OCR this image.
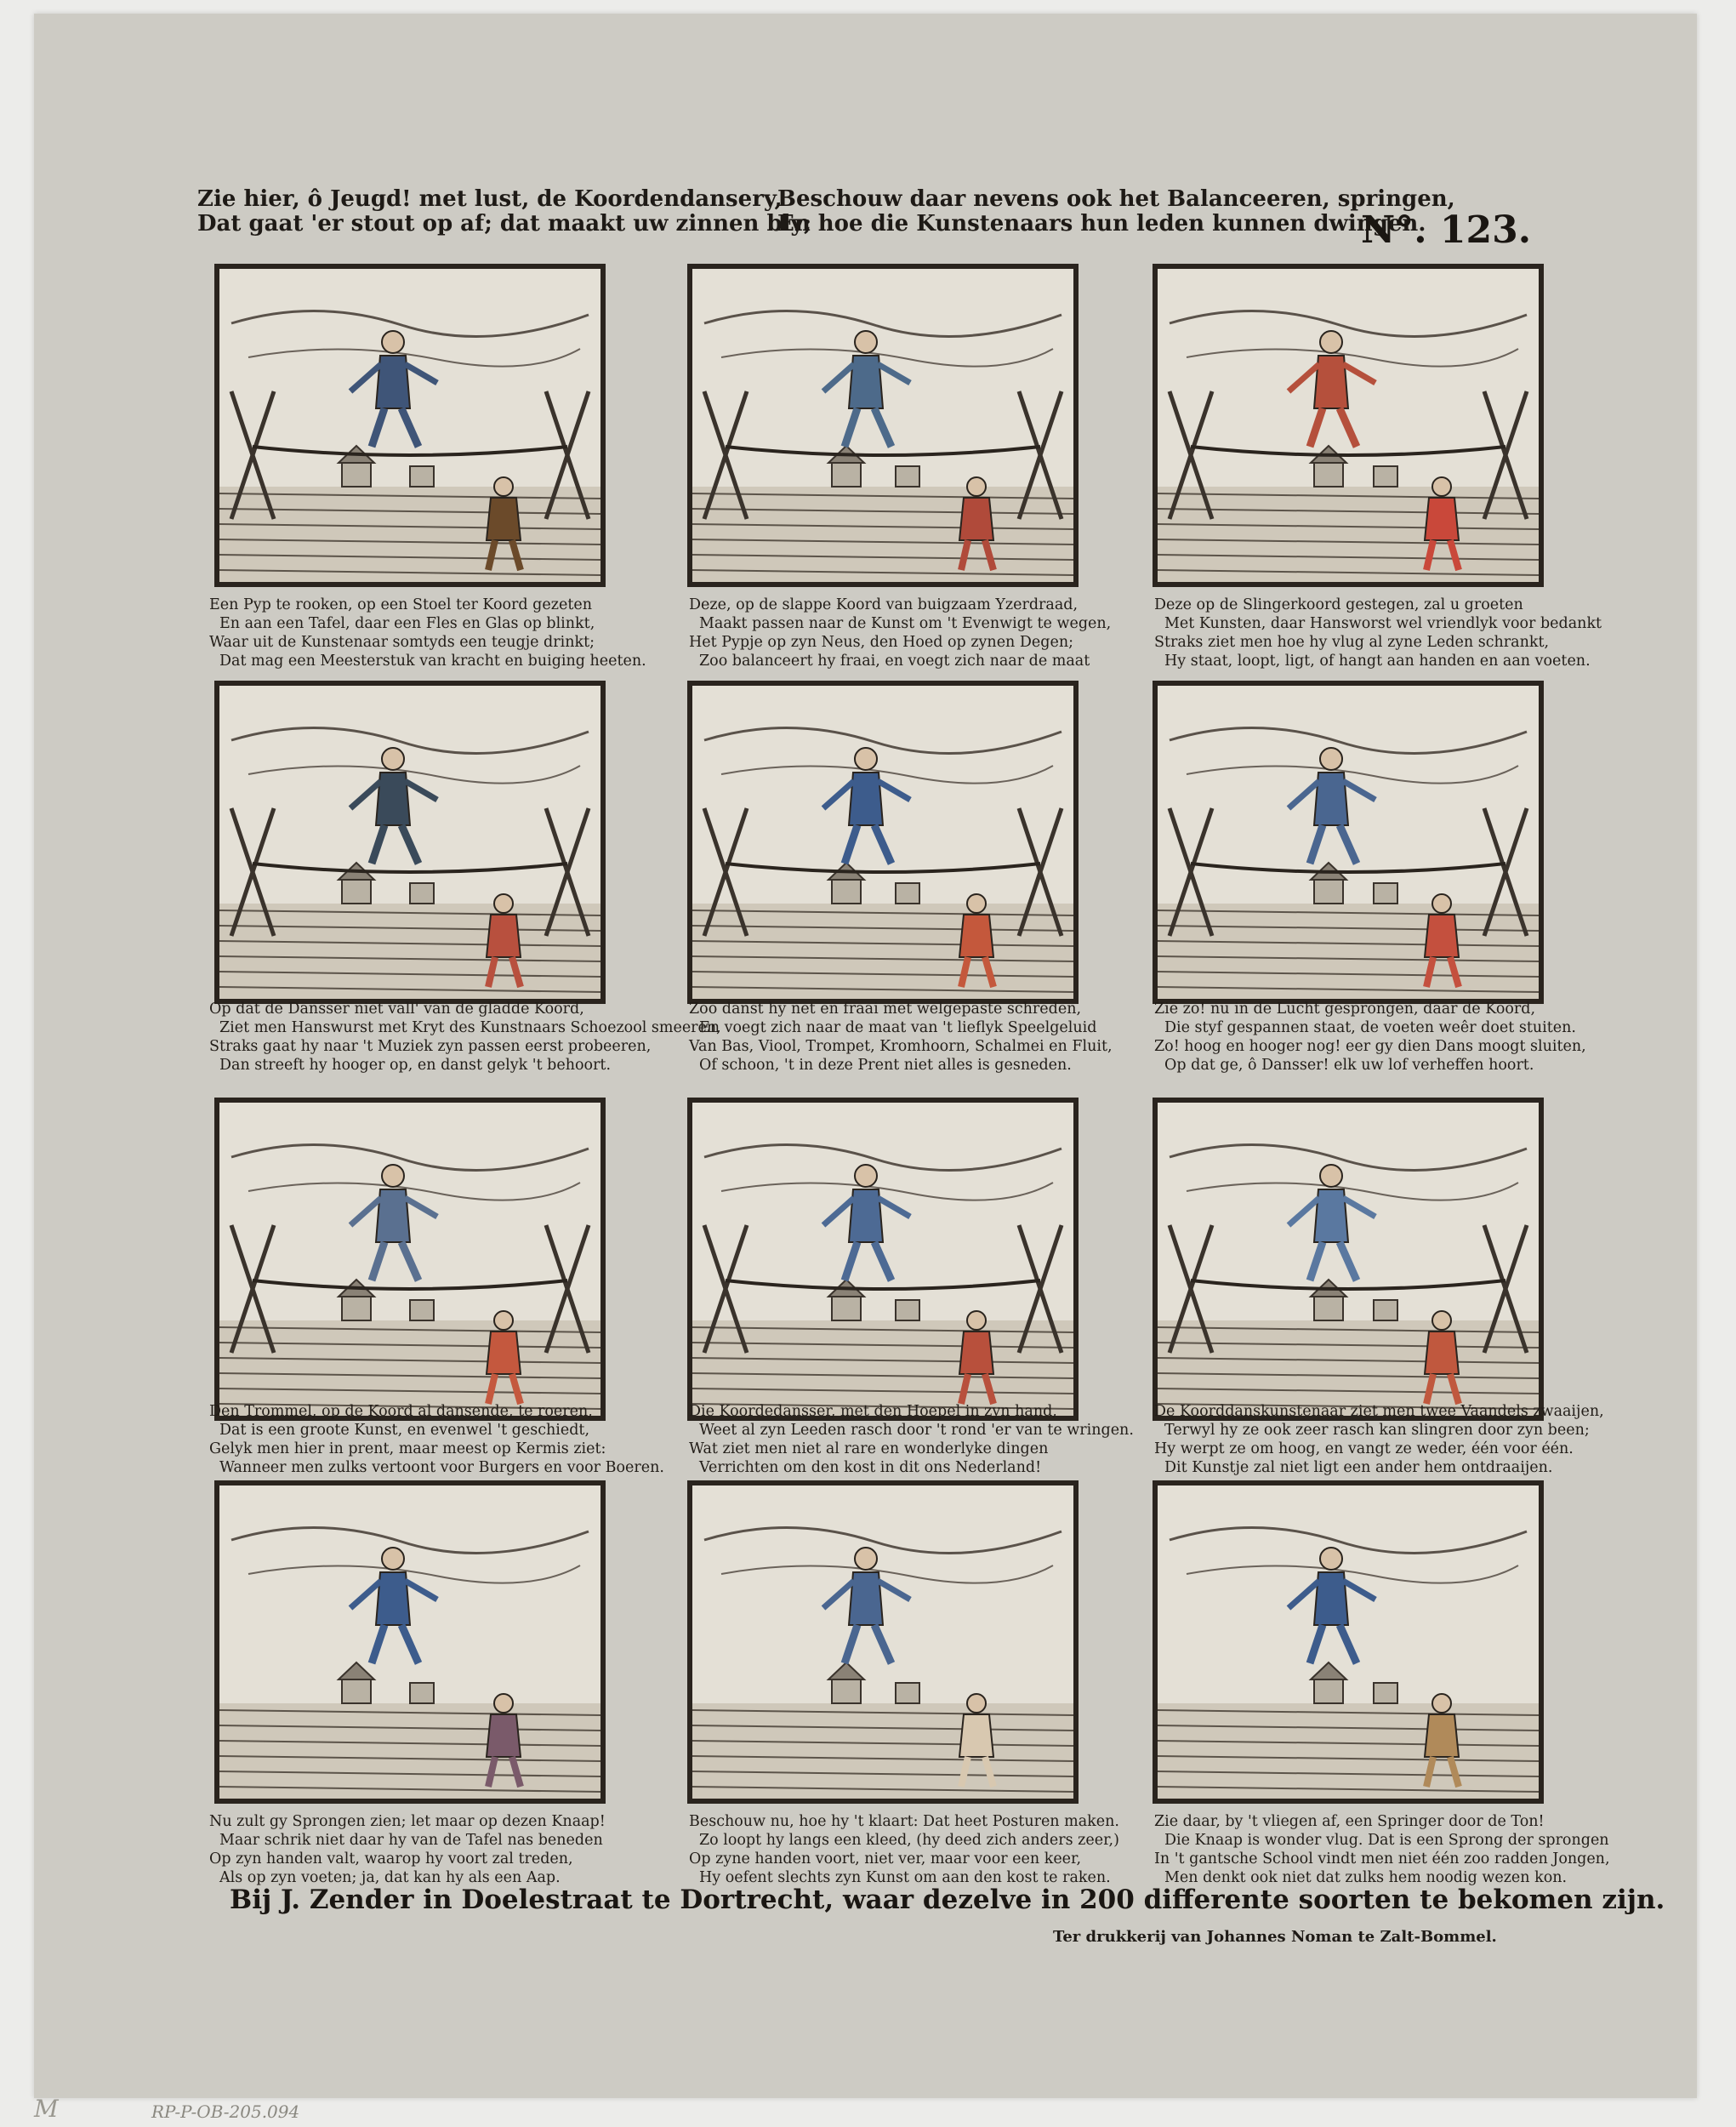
Zie hier, ô Jeugd! met lust, de Koordendansery,
Dat gaat 'er stout op af; dat maakt uw zinnen bly;
Beschouw daar nevens ook het Balanceeren, springen,
En hoe die Kunstenaars hun leden kunnen dwingen.
N°. 123.
Een Pyp te rooken, op een Stoel ter Koord gezeten
En aan een Tafel, daar een Fles en Glas op blinkt,
Waar uit de Kunstenaar somtyds een teugje drinkt;
Dat mag een Meesterstuk van kracht en buiging heeten.
Deze, op de slappe Koord van buigzaam Yzerdraad,
Maakt passen naar de Kunst om 't Evenwigt te wegen,
Het Pypje op zyn Neus, den Hoed op zynen Degen;
Zoo balanceert hy fraai, en voegt zich naar de maat
Deze op de Slingerkoord gestegen, zal u groeten
Met Kunsten, daar Hansworst wel vriendlyk voor bedankt
Straks ziet men hoe hy vlug al zyne Leden schrankt,
Hy staat, loopt, ligt, of hangt aan handen en aan voeten.
Op dat de Dansser niet vall' van de gladde Koord,
Ziet men Hanswurst met Kryt des Kunstnaars Schoezool smeeren,
Straks gaat hy naar 't Muziek zyn passen eerst probeeren,
Dan streeft hy hooger op, en danst gelyk 't behoort.
Zoo danst hy net en fraai met welgepaste schreden,
En voegt zich naar de maat van 't lieflyk Speelgeluid
Van Bas, Viool, Trompet, Kromhoorn, Schalmei en Fluit,
Of schoon, 't in deze Prent niet alles is gesneden.
Zie zo! nu in de Lucht gesprongen, daar de Koord,
Die styf gespannen staat, de voeten weêr doet stuiten.
Zo! hoog en hooger nog! eer gy dien Dans moogt sluiten,
Op dat ge, ô Dansser! elk uw lof verheffen hoort.
Den Trommel, op de Koord al dansende, te roeren,
Dat is een groote Kunst, en evenwel 't geschiedt,
Gelyk men hier in prent, maar meest op Kermis ziet:
Wanneer men zulks vertoont voor Burgers en voor Boeren.
Die Koordedansser, met den Hoepel in zyn hand,
Weet al zyn Leeden rasch door 't rond 'er van te wringen.
Wat ziet men niet al rare en wonderlyke dingen
Verrichten om den kost in dit ons Nederland!
De Koorddanskunstenaar ziet men twee Vaandels zwaaijen,
Terwyl hy ze ook zeer rasch kan slingren door zyn been;
Hy werpt ze om hoog, en vangt ze weder, één voor één.
Dit Kunstje zal niet ligt een ander hem ontdraaijen.
Nu zult gy Sprongen zien; let maar op dezen Knaap!
Maar schrik niet daar hy van de Tafel nas beneden
Op zyn handen valt, waarop hy voort zal treden,
Als op zyn voeten; ja, dat kan hy als een Aap.
Beschouw nu, hoe hy 't klaart: Dat heet Posturen maken.
Zo loopt hy langs een kleed, (hy deed zich anders zeer,)
Op zyne handen voort, niet ver, maar voor een keer,
Hy oefent slechts zyn Kunst om aan den kost te raken.
Zie daar, by 't vliegen af, een Springer door de Ton!
Die Knaap is wonder vlug. Dat is een Sprong der sprongen
In 't gantsche School vindt men niet één zoo radden Jongen,
Men denkt ook niet dat zulks hem noodig wezen kon.
Bij J. Zender in Doelestraat te Dortrecht, waar dezelve in 200 differente soorten te bekomen zijn.
Ter drukkerij van Johannes Noman te Zalt-Bommel.
RP-P-OB-205.094
M
